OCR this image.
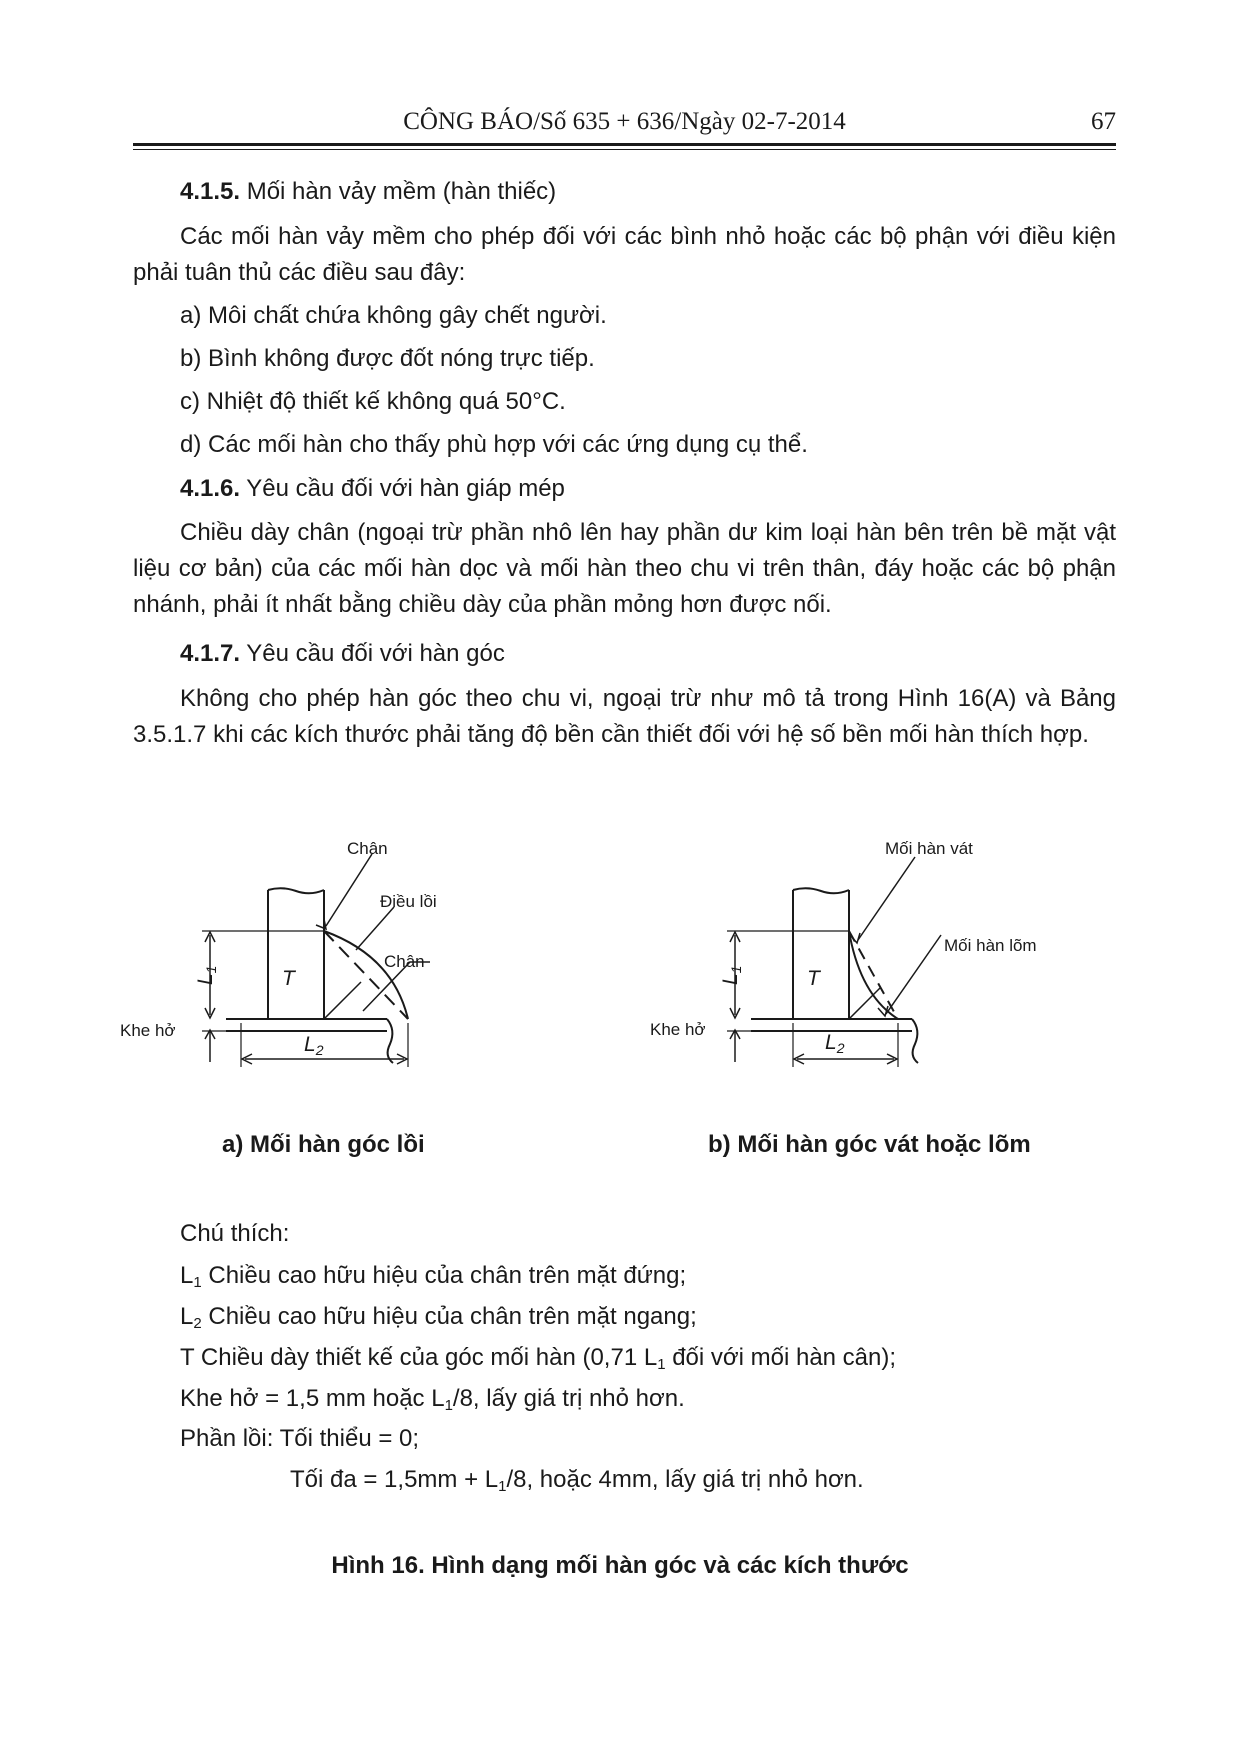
CÔNG BÁO/Số 635 + 636/Ngày 02-7-2014	67
4.1.5. Mối hàn vảy mềm (hàn thiếc)
Các mối hàn vảy mềm cho phép đối với các bình nhỏ hoặc các bộ phận với điều kiện phải tuân thủ các điều sau đây:
a) Môi chất chứa không gây chết người.
b) Bình không được đốt nóng trực tiếp.
c) Nhiệt độ thiết kế không quá 50°C.
d) Các mối hàn cho thấy phù hợp với các ứng dụng cụ thể.
4.1.6. Yêu cầu đối với hàn giáp mép
Chiều dày chân (ngoại trừ phần nhô lên hay phần dư kim loại hàn bên trên bề mặt vật liệu cơ bản) của các mối hàn dọc và mối hàn theo chu vi trên thân, đáy hoặc các bộ phận nhánh, phải ít nhất bằng chiều dày của phần mỏng hơn được nối.
4.1.7. Yêu cầu đối với hàn góc
Không cho phép hàn góc theo chu vi, ngoại trừ như mô tả trong Hình 16(A) và Bảng 3.5.1.7 khi các kích thước phải tăng độ bền cần thiết đối với hệ số bền mối hàn thích hợp.
T
L1
Khe hở
L2
Chân
Điều lồi
Chân
T
L1
Khe hở
L2
Mối hàn vát
Mối hàn lõm
a) Mối hàn góc lồi	b) Mối hàn góc vát hoặc lõm
Chú thích:
$L_1$ Chiều cao hữu hiệu của chân trên mặt đứng;
$L_2$ Chiều cao hữu hiệu của chân trên mặt ngang;
T Chiều dày thiết kế của góc mối hàn (0,71 $L_1$ đối với mối hàn cân);
Khe hở = 1,5 mm hoặc $L_1/8$, lấy giá trị nhỏ hơn.
Phần lồi: Tối thiểu = 0;
Tối đa = $1,5mm + L_1/8$, hoặc 4mm, lấy giá trị nhỏ hơn.
Hình 16. Hình dạng mối hàn góc và các kích thước
